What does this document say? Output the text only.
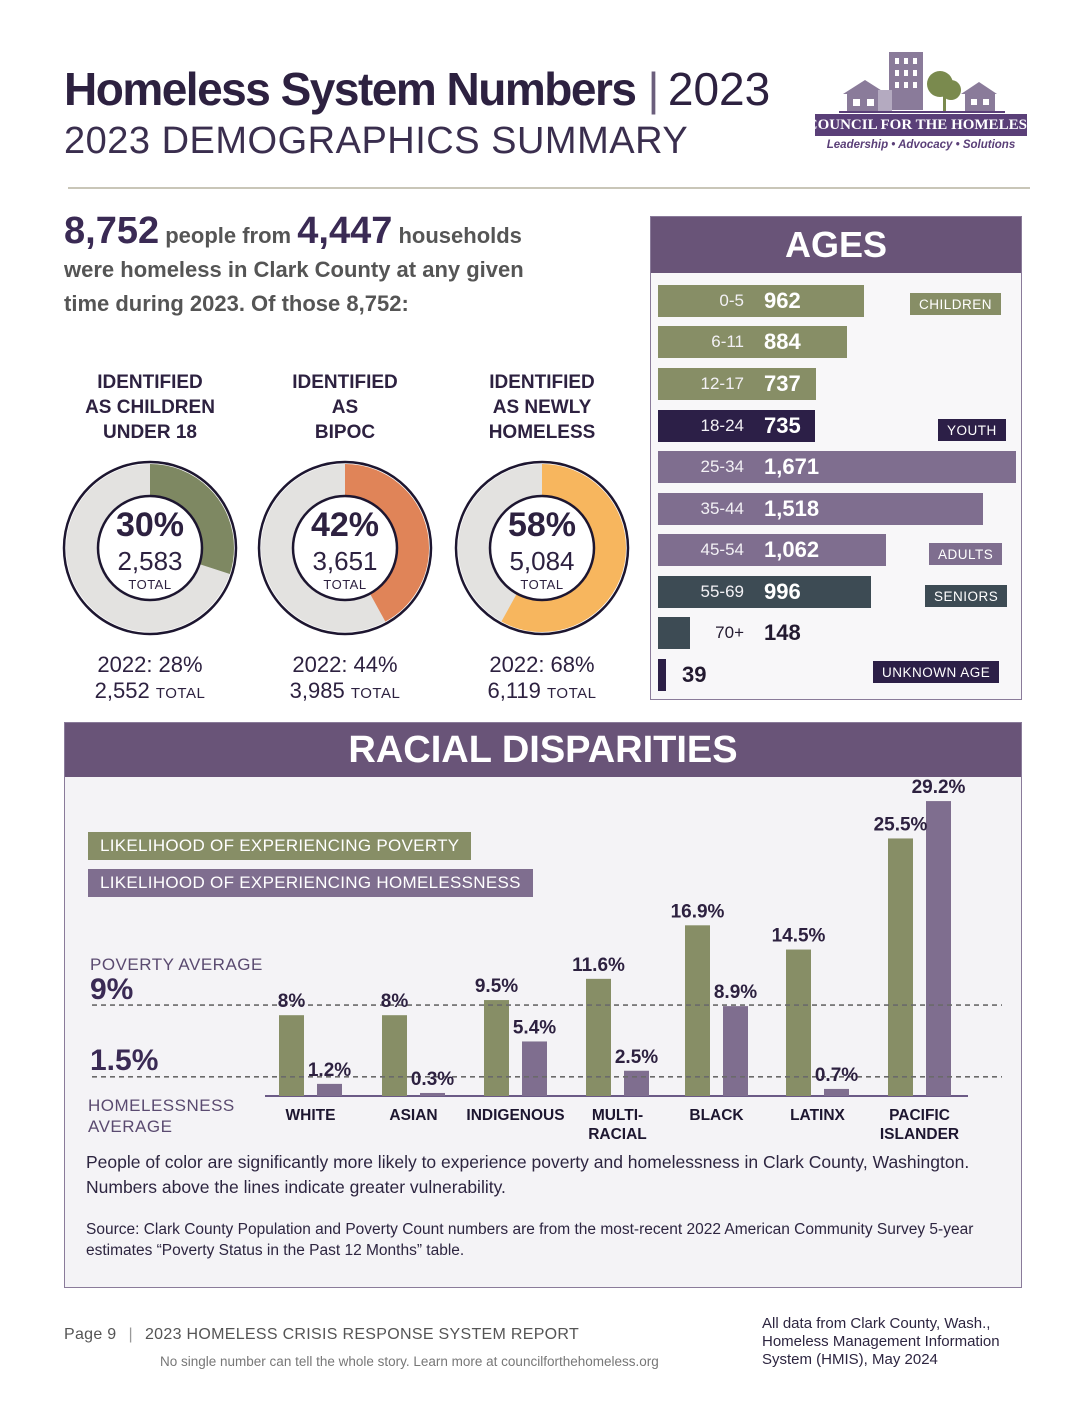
Homeless System Numbers | 2023
2023 DEMOGRAPHICS SUMMARY	COUNCIL FOR THE HOMELESS
Leadership • Advocacy • Solutions
8,752 people from 4,447 households
were homeless in Clark County at any given
time during 2023. Of those 8,752:
IDENTIFIED
AS CHILDREN
UNDER 18
30%
2,583
TOTAL
2022: 28%
2,552 TOTAL
IDENTIFIED
AS
BIPOC
42%
3,651
TOTAL
2022: 44%
3,985 TOTAL
IDENTIFIED
AS NEWLY
HOMELESS
58%
5,084
TOTAL
2022: 68%
6,119 TOTAL
AGES
0-5 962
6-11 884
12-17 737
18-24 735
25-34 1,671
35-44 1,518
45-54 1,062
55-69 996
70+ 148
39
CHILDREN
YOUTH
ADULTS
SENIORS
UNKNOWN AGE
RACIAL DISPARITIES
LIKELIHOOD OF EXPERIENCING POVERTY
LIKELIHOOD OF EXPERIENCING HOMELESSNESS
POVERTY AVERAGE
9%
1.5%
HOMELESSNESS
AVERAGE
8%
1.2%
WHITE
8%
0.3%
ASIAN
9.5%
5.4%
INDIGENOUS
11.6%
2.5%
MULTI-
RACIAL
16.9%
8.9%
BLACK
14.5%
0.7%
LATINX
25.5%
29.2%
PACIFIC
ISLANDER
People of color are significantly more likely to experience poverty and homelessness in Clark County, Washington. Numbers above the lines indicate greater vulnerability.
Source: Clark County Population and Poverty Count numbers are from the most-recent 2022 American Community Survey 5-year estimates “Poverty Status in the Past 12 Months” table.
Page 9 | 2023 HOMELESS CRISIS RESPONSE SYSTEM REPORT
No single number can tell the whole story. Learn more at councilforthehomeless.org
All data from Clark County, Wash.,
Homeless Management Information
System (HMIS), May 2024
